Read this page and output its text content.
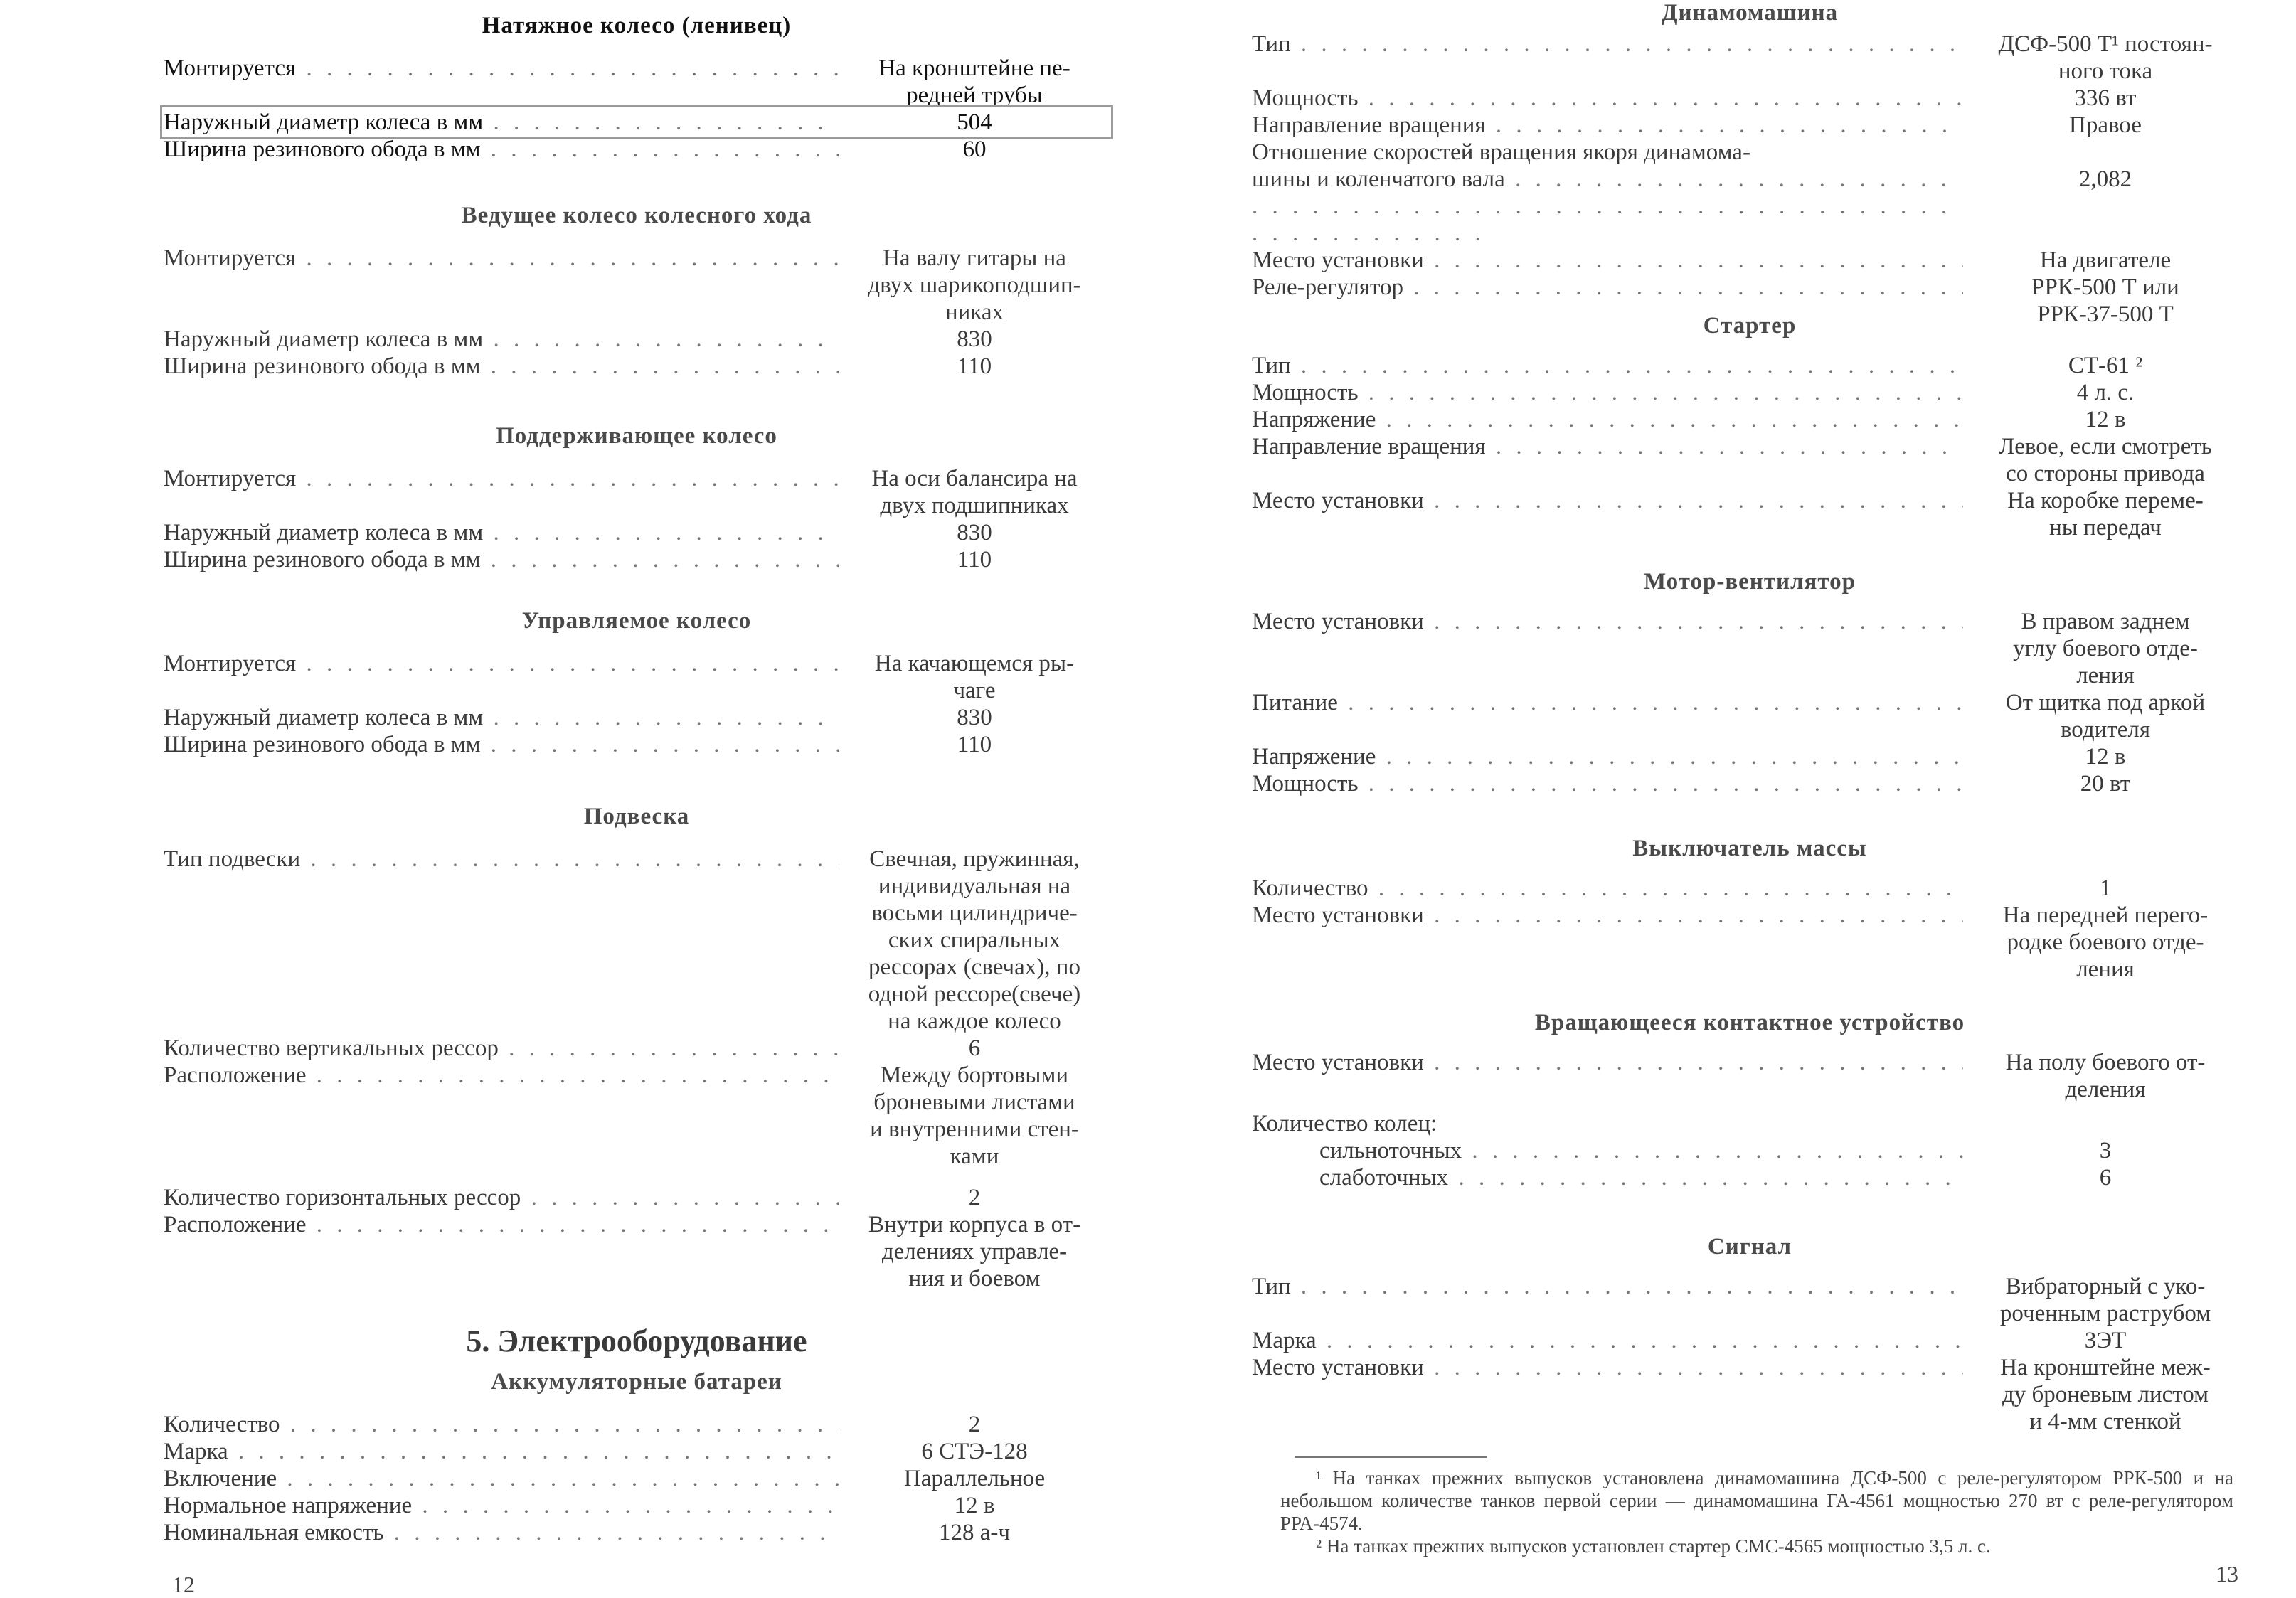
Натяжное колесо (ленивец)

Монтируется . . .	На кронштейне пе-
редней трубы
Наружный диаметр колеса в мм . . .	504
Ширина резинового обода в мм . . .	60

Ведущее колесо колесного хода

Монтируется . . .	На валу гитары на
двух шарикоподшип-
никах
Наружный диаметр колеса в мм . . .	830
Ширина резинового обода в мм . . .	110

Поддерживающее колесо

Монтируется . . .	На оси балансира на
двух подшипниках
Наружный диаметр колеса в мм . . .	830
Ширина резинового обода в мм . . .	110

Управляемое колесо

Монтируется . . .	На качающемся ры-
чаге
Наружный диаметр колеса в мм . . .	830
Ширина резинового обода в мм . . .	110

Подвеска

Тип подвески . . .	Свечная, пружинная,
индивидуальная на
восьми цилиндриче-
ских спиральных
рессорах (свечах), по
одной рессоре(свече)
на каждое колесо
Количество вертикальных рессор . . .	6
Расположение . . .	Между бортовыми
броневыми листами
и внутренними стен-
ками
Количество горизонтальных рессор . . .	2
Расположение . . .	Внутри корпуса в от-
делениях управле-
ния и боевом

5. Электрооборудование

Аккумуляторные батареи

Количество . . .	2
Марка . . .	6 СТЭ-128
Включение . . .	Параллельное
Нормальное напряжение . . .	12 в
Номинальная емкость . . .	128 а-ч
12

Динамомашина

Тип . . .	ДСФ-500 Т¹ постоян-
ного тока
Мощность . . .	336 вт
Направление вращения . . .	Правое
Отношение скоростей вращения якоря динамома-
шины и коленчатого вала . . .	2,082
Место установки . . .	На двигателе
Реле-регулятор . . .	РРК-500 Т или
РРК-37-500 Т

Стартер

Тип . . .	СТ-61 ²
Мощность . . .	4 л. с.
Напряжение . . .	12 в
Направление вращения . . .	Левое, если смотреть
со стороны привода
Место установки . . .	На коробке переме-
ны передач

Мотор-вентилятор

Место установки . . .	В правом заднем
углу боевого отде-
ления
Питание . . .	От щитка под аркой
водителя
Напряжение . . .	12 в
Мощность . . .	20 вт

Выключатель массы

Количество . . .	1
Место установки . . .	На передней перего-
родке боевого отде-
ления

Вращающееся контактное устройство

Место установки . . .	На полу боевого от-
деления
Количество колец:
сильноточных . . .	3
слаботочных . . .	6

Сигнал

Тип . . .	Вибраторный с уко-
роченным раструбом
Марка . . .	ЗЭТ
Место установки . . .	На кронштейне меж-
ду броневым листом
и 4-мм стенкой
¹ На танках прежних выпусков установлена динамомашина ДСФ-500 с реле-регулятором РРК-500 и на небольшом количестве танков первой серии — динамомашина ГА-4561 мощностью 270 вт с реле-регулятором РРА-4574.
² На танках прежних выпусков установлен стартер СМС-4565 мощностью 3,5 л. с.
13
